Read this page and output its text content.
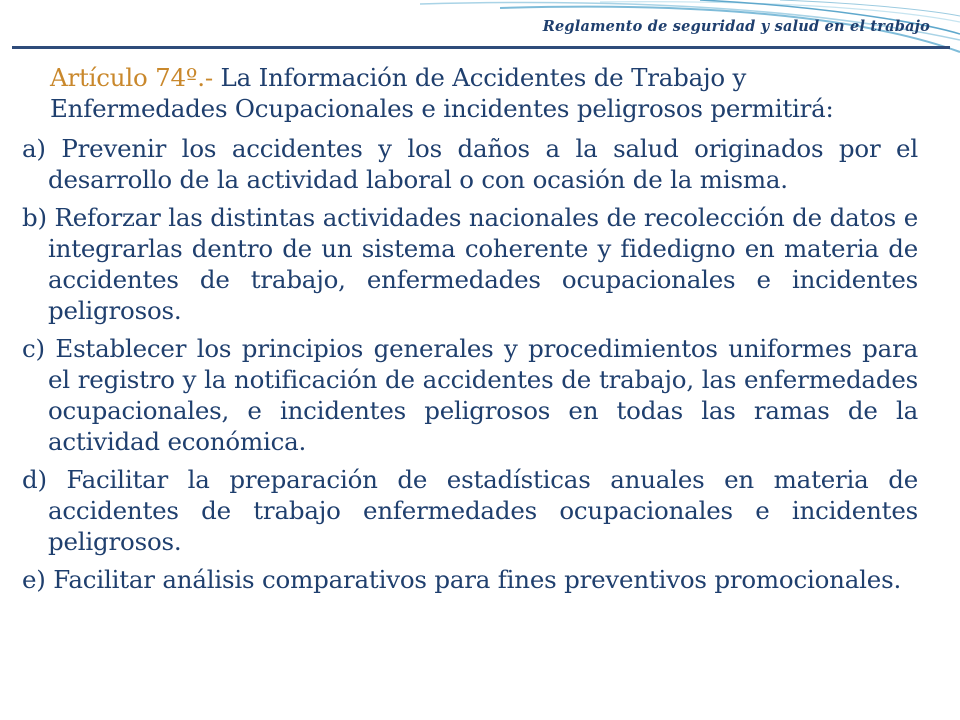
Reglamento de seguridad y salud en el trabajo

Artículo 74º.- La Información de Accidentes de Trabajo y Enfermedades Ocupacionales e incidentes peligrosos permitirá:

a) Prevenir los accidentes y los daños a la salud originados por el desarrollo de la actividad laboral o con ocasión de la misma.

b) Reforzar las distintas actividades nacionales de recolección de datos e integrarlas dentro de un sistema coherente y fidedigno en materia de accidentes de trabajo, enfermedades ocupacionales e incidentes peligrosos.

c) Establecer los principios generales y procedimientos uniformes para el registro y la notificación de accidentes de trabajo, las enfermedades ocupacionales, e incidentes peligrosos en todas las ramas de la actividad económica.

d) Facilitar la preparación de estadísticas anuales en materia de accidentes de trabajo enfermedades ocupacionales e incidentes peligrosos.

e) Facilitar análisis comparativos para fines preventivos promocionales.
